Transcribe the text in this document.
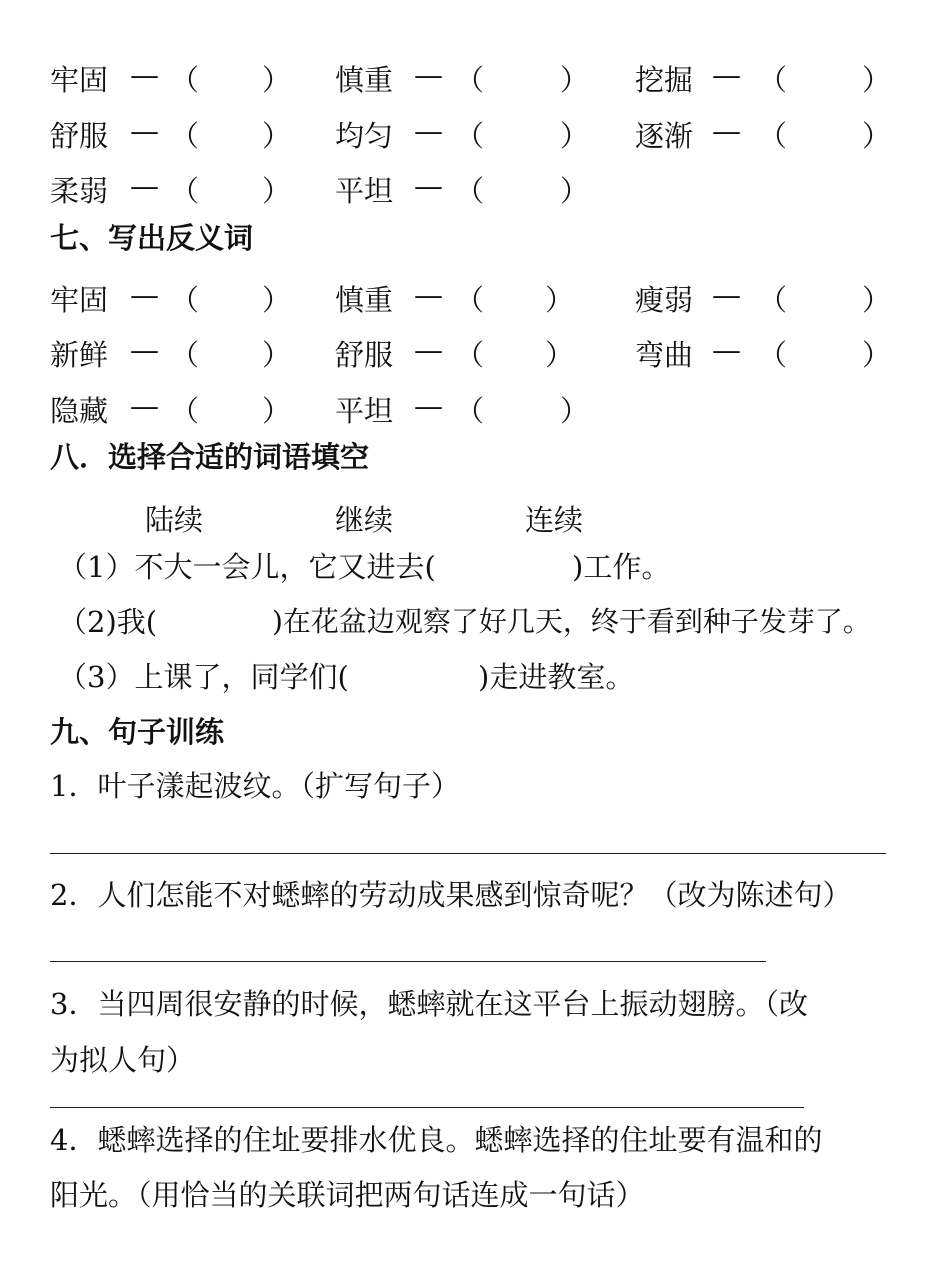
牢固 — （ ） 慎重 — （	） 挖掘 — （	）
舒服 — （ ） 均匀 — （	） 逐渐 — （	）
柔弱 — （ ） 平坦 — （	）
七、写出反义词
牢固 — （ ） 慎重 — （ ） 瘦弱 — （	）
新鲜 — （ ） 舒服 — （ ） 弯曲 — （	）
隐藏 — （ ） 平坦 — （	）
八．选择合适的词语填空
陆续	继续	连续
（1）不大一会儿，它又进去(	)工作。
（2)我(	)在花盆边观察了好几天，终于看到种子发芽了。
（3）上课了，同学们(	)走进教室。
九、句子训练
1．叶子漾起波纹。（扩写句子）
2．人们怎能不对蟋蟀的劳动成果感到惊奇呢？（改为陈述句）
3．当四周很安静的时候，蟋蟀就在这平台上振动翅膀。（改
为拟人句）
4．蟋蟀选择的住址要排水优良。蟋蟀选择的住址要有温和的
阳光。（用恰当的关联词把两句话连成一句话）
